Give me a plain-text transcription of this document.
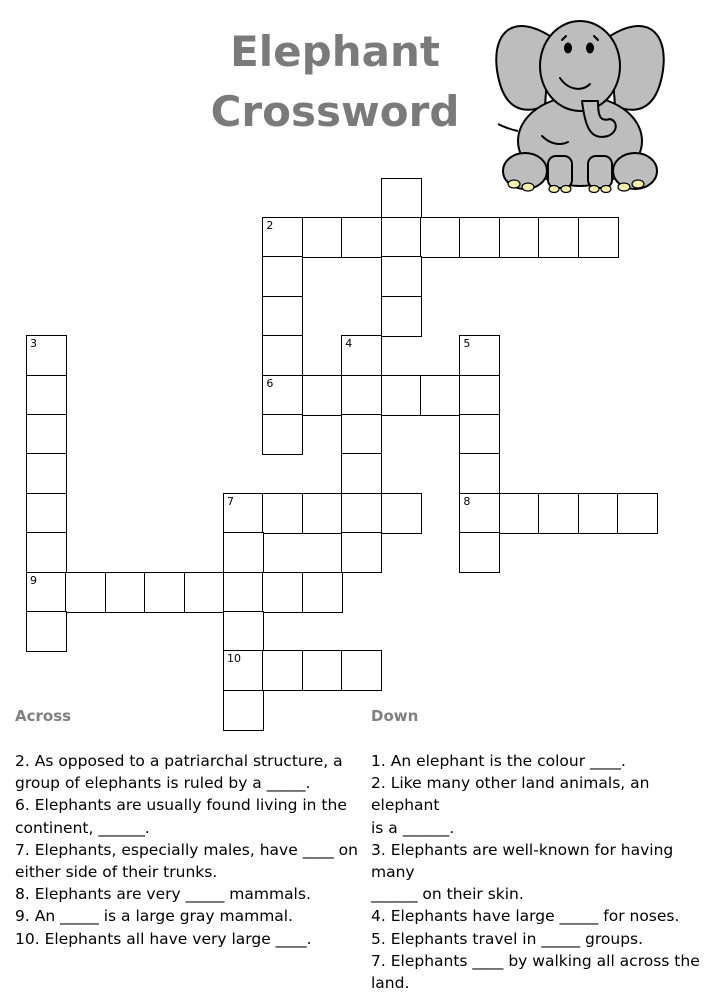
Elephant
Crossword
2
3	4	5
6
7	8
9
10
Across	Down
2. As opposed to a patriarchal structure, a
group of elephants is ruled by a _____.
6. Elephants are usually found living in the
continent, ______.
7. Elephants, especially males, have ____ on
either side of their trunks.
8. Elephants are very _____ mammals.
9. An _____ is a large gray mammal.
10. Elephants all have very large ____.
1. An elephant is the colour ____.
2. Like many other land animals, an elephant
is a ______.
3. Elephants are well-known for having many
______ on their skin.
4. Elephants have large _____ for noses.
5. Elephants travel in _____ groups.
7. Elephants ____ by walking all across the
land.
